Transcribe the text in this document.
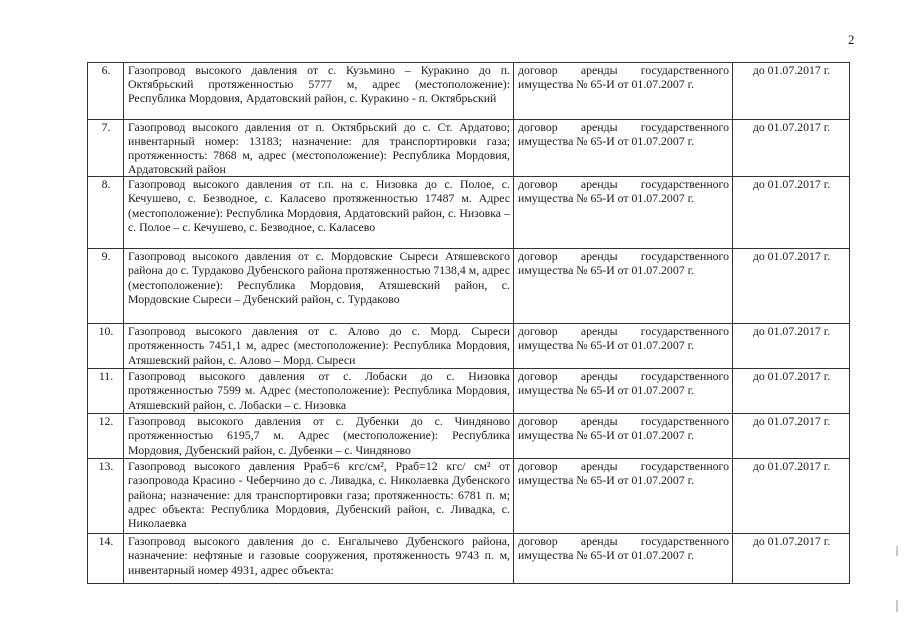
2
6.	Газопровод высокого давления от с. Кузьмино – Куракино до п. Октябрьский протяженностью 5777 м, адрес (местоположение): Республика Мордовия, Ардатовский район, с. Куракино - п. Октябрьский	договор аренды государственного имущества № 65-И от 01.07.2007 г.	до 01.07.2017 г.
7.	Газопровод высокого давления от п. Октябрьский до с. Ст. Ардатово; инвентарный номер: 13183; назначение: для транспортировки газа; протяженность: 7868 м, адрес (местоположение): Республика Мордовия, Ардатовский район	договор аренды государственного имущества № 65-И от 01.07.2007 г.	до 01.07.2017 г.
8.	Газопровод высокого давления от г.п. на с. Низовка до с. Полое, с. Кечушево, с. Безводное, с. Каласево протяженностью 17487 м. Адрес (местоположение): Республика Мордовия, Ардатовский район, с. Низовка – с. Полое – с. Кечушево, с. Безводное, с. Каласево	договор аренды государственного имущества № 65-И от 01.07.2007 г.	до 01.07.2017 г.
9.	Газопровод высокого давления от с. Мордовские Сыреси Атяшевского района до с. Турдаково Дубенского района протяженностью 7138,4 м, адрес (местоположение): Республика Мордовия, Атяшевский район, с. Мордовские Сыреси – Дубенский район, с. Турдаково	договор аренды государственного имущества № 65-И от 01.07.2007 г.	до 01.07.2017 г.
10.	Газопровод высокого давления от с. Алово до с. Морд. Сыреси протяженность 7451,1 м, адрес (местоположение): Республика Мордовия, Атяшевский район, с. Алово – Морд. Сыреси	договор аренды государственного имущества № 65-И от 01.07.2007 г.	до 01.07.2017 г.
11.	Газопровод высокого давления от с. Лобаски до с. Низовка протяженностью 7599 м. Адрес (местоположение): Республика Мордовия, Атяшевский район, с. Лобаски – с. Низовка	договор аренды государственного имущества № 65-И от 01.07.2007 г.	до 01.07.2017 г.
12.	Газопровод высокого давления от с. Дубенки до с. Чиндяново протяженностью 6195,7 м. Адрес (местоположение): Республика Мордовия, Дубенский район, с. Дубенки – с. Чиндяново	договор аренды государственного имущества № 65-И от 01.07.2007 г.	до 01.07.2017 г.
13.	Газопровод высокого давления Рраб=6 кгс/см², Рраб=12 кгс/ см² от газопровода Красино - Чеберчино до с. Ливадка, с. Николаевка Дубенского района; назначение: для транспортировки газа; протяженность: 6781 п. м; адрес объекта: Республика Мордовия, Дубенский район, с. Ливадка, с. Николаевка	договор аренды государственного имущества № 65-И от 01.07.2007 г.	до 01.07.2017 г.
14.	Газопровод высокого давления до с. Енгалычево Дубенского района, назначение: нефтяные и газовые сооружения, протяженность 9743 п. м, инвентарный номер 4931, адрес объекта:	договор аренды государственного имущества № 65-И от 01.07.2007 г.	до 01.07.2017 г.
